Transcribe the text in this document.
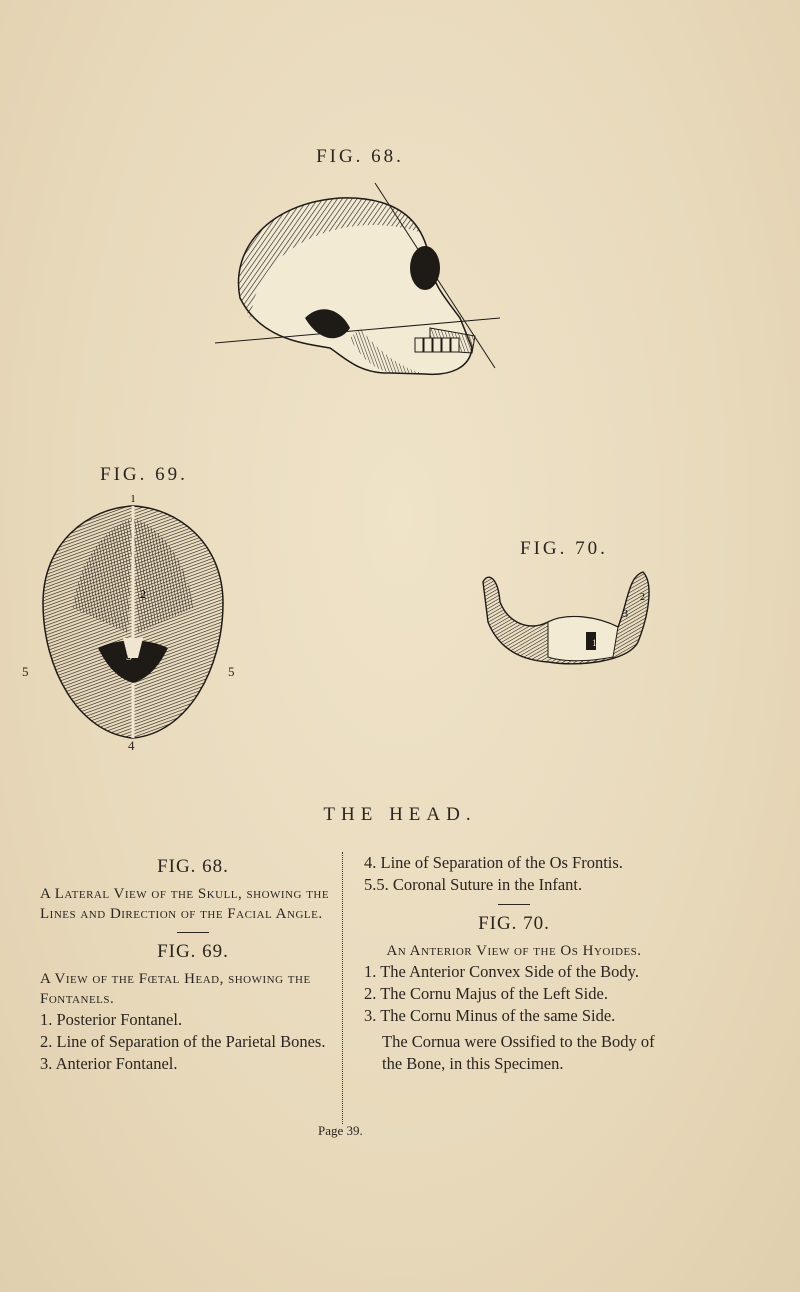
FIG. 68.
FIG. 69.
1
2
3
5	5
4
FIG. 70.
2
3
1
THE HEAD.
FIG. 68.
A Lateral View of the Skull, showing the Lines and Direction of the Facial Angle.
FIG. 69.
A View of the Fœtal Head, showing the Fontanels.
1. Posterior Fontanel.
2. Line of Separation of the Parietal Bones.
3. Anterior Fontanel.
4. Line of Separation of the Os Frontis.
5.5. Coronal Suture in the Infant.
FIG. 70.
An Anterior View of the Os Hyoides.
1. The Anterior Convex Side of the Body.
2. The Cornu Majus of the Left Side.
3. The Cornu Minus of the same Side.
The Cornua were Ossified to the Body of the Bone, in this Specimen.
Page 39.
